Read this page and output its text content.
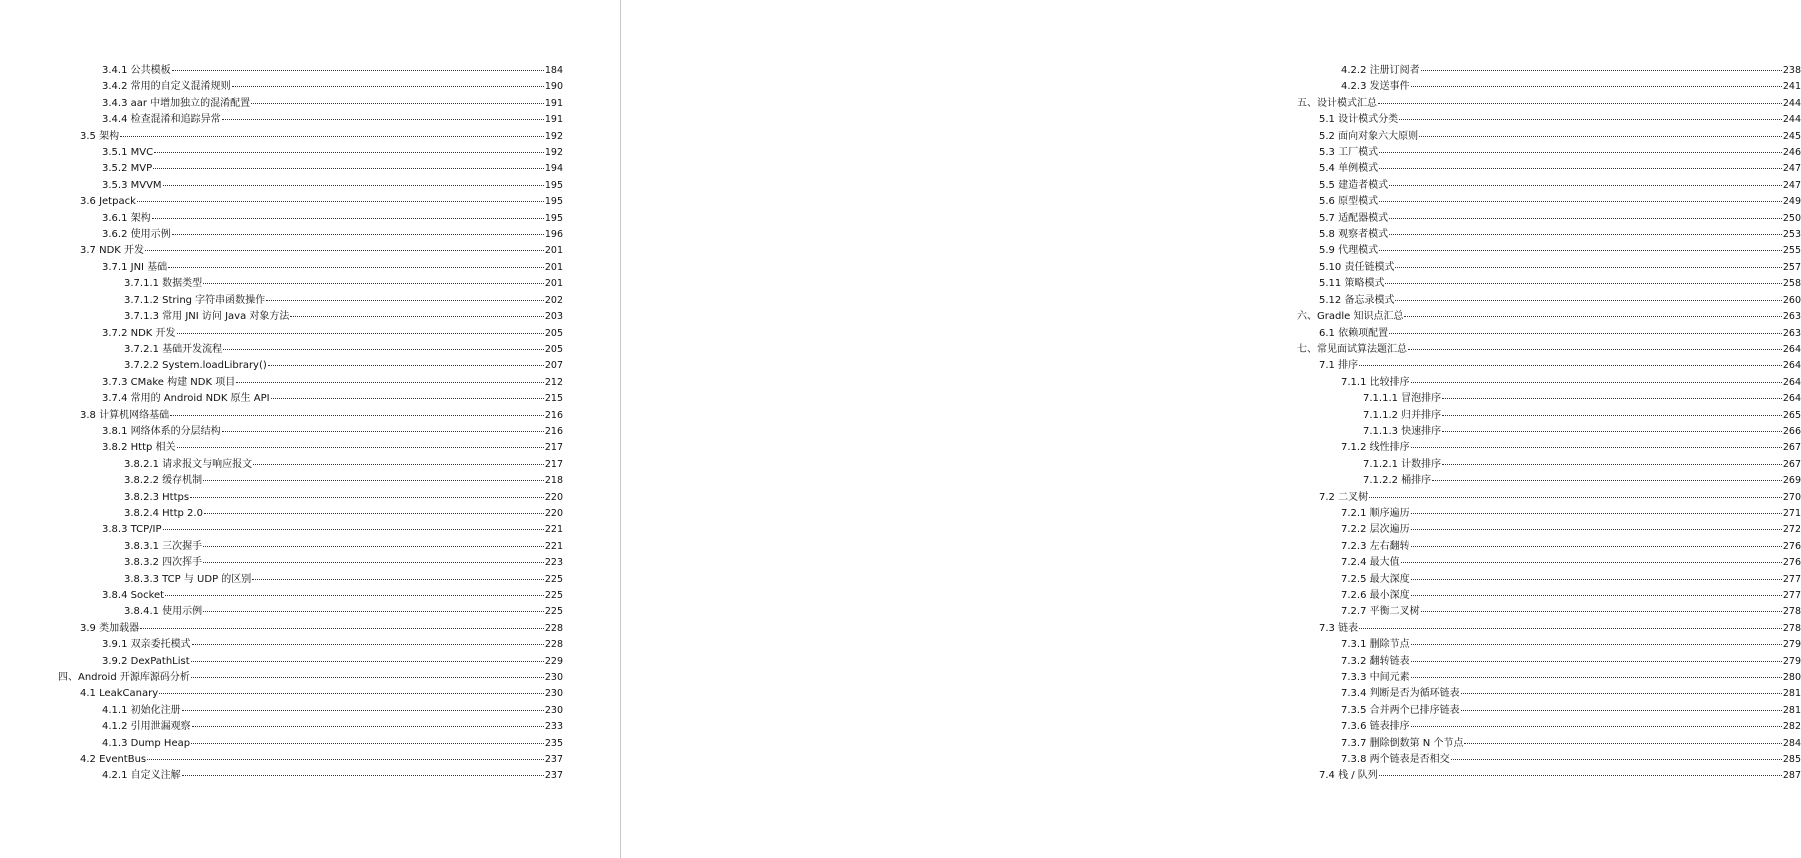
3.4.1 公共模板	184
3.4.2 常用的自定义混淆规则	190
3.4.3 aar 中增加独立的混淆配置	191
3.4.4 检查混淆和追踪异常	191
3.5 架构	192
3.5.1 MVC	192
3.5.2 MVP	194
3.5.3 MVVM	195
3.6 Jetpack	195
3.6.1 架构	195
3.6.2 使用示例	196
3.7 NDK 开发	201
3.7.1 JNI 基础	201
3.7.1.1 数据类型	201
3.7.1.2 String 字符串函数操作	202
3.7.1.3 常用 JNI 访问 Java 对象方法	203
3.7.2 NDK 开发	205
3.7.2.1 基础开发流程	205
3.7.2.2 System.loadLibrary()	207
3.7.3 CMake 构建 NDK 项目	212
3.7.4 常用的 Android NDK 原生 API	215
3.8 计算机网络基础	216
3.8.1 网络体系的分层结构	216
3.8.2 Http 相关	217
3.8.2.1 请求报文与响应报文	217
3.8.2.2 缓存机制	218
3.8.2.3 Https	220
3.8.2.4 Http 2.0	220
3.8.3 TCP/IP	221
3.8.3.1 三次握手	221
3.8.3.2 四次挥手	223
3.8.3.3 TCP 与 UDP 的区别	225
3.8.4 Socket	225
3.8.4.1 使用示例	225
3.9 类加载器	228
3.9.1 双亲委托模式	228
3.9.2 DexPathList	229
四、Android 开源库源码分析	230
4.1 LeakCanary	230
4.1.1 初始化注册	230
4.1.2 引用泄漏观察	233
4.1.3 Dump Heap	235
4.2 EventBus	237
4.2.1 自定义注解	237
4.2.2 注册订阅者	238
4.2.3 发送事件	241
五、设计模式汇总	244
5.1 设计模式分类	244
5.2 面向对象六大原则	245
5.3 工厂模式	246
5.4 单例模式	247
5.5 建造者模式	247
5.6 原型模式	249
5.7 适配器模式	250
5.8 观察者模式	253
5.9 代理模式	255
5.10 责任链模式	257
5.11 策略模式	258
5.12 备忘录模式	260
六、Gradle 知识点汇总	263
6.1 依赖项配置	263
七、常见面试算法题汇总	264
7.1 排序	264
7.1.1 比较排序	264
7.1.1.1 冒泡排序	264
7.1.1.2 归并排序	265
7.1.1.3 快速排序	266
7.1.2 线性排序	267
7.1.2.1 计数排序	267
7.1.2.2 桶排序	269
7.2 二叉树	270
7.2.1 顺序遍历	271
7.2.2 层次遍历	272
7.2.3 左右翻转	276
7.2.4 最大值	276
7.2.5 最大深度	277
7.2.6 最小深度	277
7.2.7 平衡二叉树	278
7.3 链表	278
7.3.1 删除节点	279
7.3.2 翻转链表	279
7.3.3 中间元素	280
7.3.4 判断是否为循环链表	281
7.3.5 合并两个已排序链表	281
7.3.6 链表排序	282
7.3.7 删除倒数第 N 个节点	284
7.3.8 两个链表是否相交	285
7.4 栈 / 队列	287
